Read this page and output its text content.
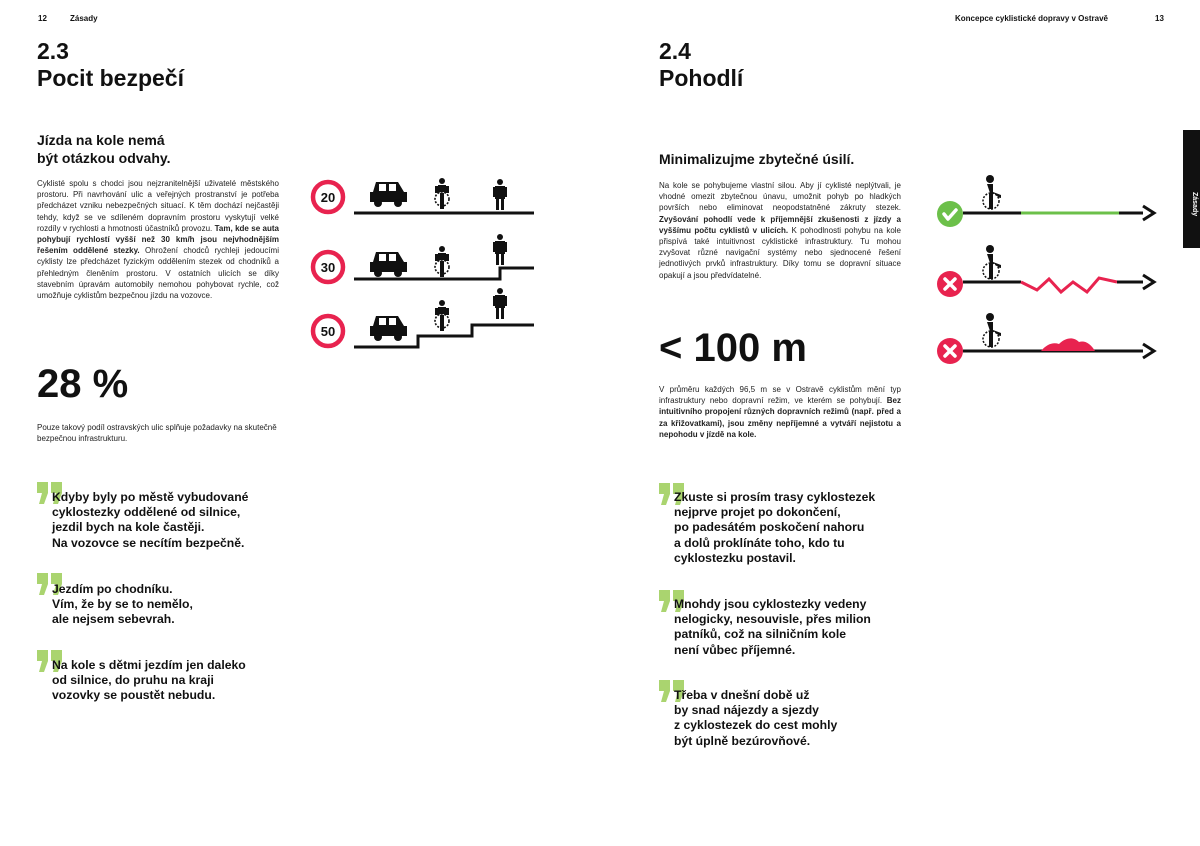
12	Zásady	Koncepce cyklistické dopravy v Ostravě	13
Zásady
2.3
Pocit bezpečí
Jízda na kole nemá
být otázkou odvahy.
Cyklisté spolu s chodci jsou nejzranitelnější uživatelé městského prostoru. Při navrhování ulic a veřejných prostranství je potřeba předcházet vzniku nebezpečných situací. K těm dochází nejčastěji tehdy, když se ve sdíleném dopravním prostoru vyskytují velké rozdíly v rychlosti a hmotnosti účastníků provozu. Tam, kde se auta pohybují rychlostí vyšší než 30 km/h jsou nejvhodnějším řešením oddělené stezky. Ohrožení chodců rychleji jedoucími cyklisty lze předcházet fyzickým oddělením stezek od chodníků a přehledným členěním prostoru. V ostatních ulicích se díky stavebním úpravám automobily nemohou pohybovat rychle, což umožňuje cyklistům bezpečnou jízdu na vozovce.
28 %
Pouze takový podíl ostravských ulic splňuje požadavky na skutečně bezpečnou infrastrukturu.
20
30
50
Kdyby byly po městě vybudované
cyklostezky oddělené od silnice,
jezdil bych na kole častěji.
Na vozovce se necítím bezpečně.
Jezdím po chodníku.
Vím, že by se to nemělo,
ale nejsem sebevrah.
Na kole s dětmi jezdím jen daleko
od silnice, do pruhu na kraji
vozovky se poustět nebudu.
2.4
Pohodlí
Minimalizujme zbytečné úsilí.
Na kole se pohybujeme vlastní silou. Aby jí cyklisté neplýtvali, je vhodné omezit zbytečnou únavu, umožnit pohyb po hladkých površích nebo eliminovat neopodstatněné zákruty stezek. Zvyšování pohodlí vede k příjemnější zkušenosti z jízdy a vyššímu počtu cyklistů v ulicích. K pohodlnosti pohybu na kole přispívá také intuitivnost cyklistické infrastruktury. Tu mohou zvyšovat různé navigační systémy nebo sjednocené řešení jednotlivých prvků infrastruktury. Díky tomu se dopravní situace opakují a jsou předvídatelné.
< 100 m
V průměru každých 96,5 m se v Ostravě cyklistům mění typ infrastruktury nebo dopravní režim, ve kterém se pohybují. Bez intuitivního propojení různých dopravních režimů (např. před a za křižovatkami), jsou změny nepříjemné a vytváří nejistotu a nepohodu v jízdě na kole.
Zkuste si prosím trasy cyklostezek
nejprve projet po dokončení,
po padesátém poskočení nahoru
a dolů proklínáte toho, kdo tu
cyklostezku postavil.
Mnohdy jsou cyklostezky vedeny
nelogicky, nesouvisle, přes milion
patníků, což na silničním kole
není vůbec příjemné.
Třeba v dnešní době už
by snad nájezdy a sjezdy
z cyklostezek do cest mohly
být úplně bezúrovňové.
